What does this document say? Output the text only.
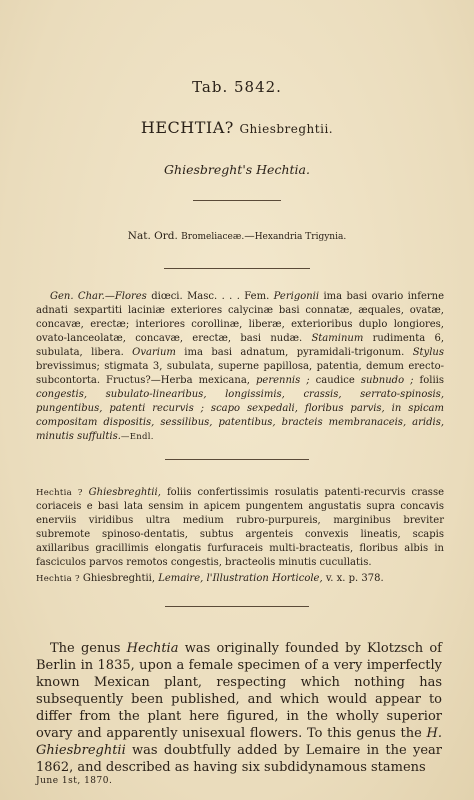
Tab. 5842.
HECHTIA? Ghiesbreghtii.
Ghiesbreght's Hechtia.
Nat. Ord. Bromeliaceæ.—Hexandria Trigynia.
Gen. Char.—Flores diœci. Masc. . . . Fem. Perigonii ima basi ovario inferne adnati sexpartiti laciniæ exteriores calycinæ basi connatæ, æquales, ovatæ, concavæ, erectæ; interiores corollinæ, liberæ, exterioribus duplo longiores, ovato-lanceolatæ, concavæ, erectæ, basi nudæ. Staminum rudimenta 6, subulata, libera. Ovarium ima basi adnatum, pyramidali-trigonum. Stylus brevissimus; stigmata 3, subulata, superne papillosa, patentia, demum erecto-subcontorta. Fructus?—Herba mexicana, perennis ; caudice subnudo ; foliis congestis, subulato-linearibus, longissimis, crassis, serrato-spinosis, pungentibus, patenti recurvis ; scapo sexpedali, floribus parvis, in spicam compositam dispositis, sessilibus, patentibus, bracteis membranaceis, aridis, minutis suffultis.—Endl.
Hechtia ? Ghiesbreghtii, foliis confertissimis rosulatis patenti-recurvis crasse coriaceis e basi lata sensim in apicem pungentem angustatis supra concavis enerviis viridibus ultra medium rubro-purpureis, marginibus breviter subremote spinoso-dentatis, subtus argenteis convexis lineatis, scapis axillaribus gracillimis elongatis furfuraceis multi-bracteatis, floribus albis in fasciculos parvos remotos congestis, bracteolis minutis cucullatis.
Hechtia ? Ghiesbreghtii, Lemaire, l'Illustration Horticole, v. x. p. 378.
The genus Hechtia was originally founded by Klotzsch of Berlin in 1835, upon a female specimen of a very imperfectly known Mexican plant, respecting which nothing has subsequently been published, and which would appear to differ from the plant here figured, in the wholly superior ovary and apparently unisexual flowers. To this genus the H. Ghiesbreghtii was doubtfully added by Lemaire in the year 1862, and described as having six subdidynamous stamens
June 1st, 1870.
